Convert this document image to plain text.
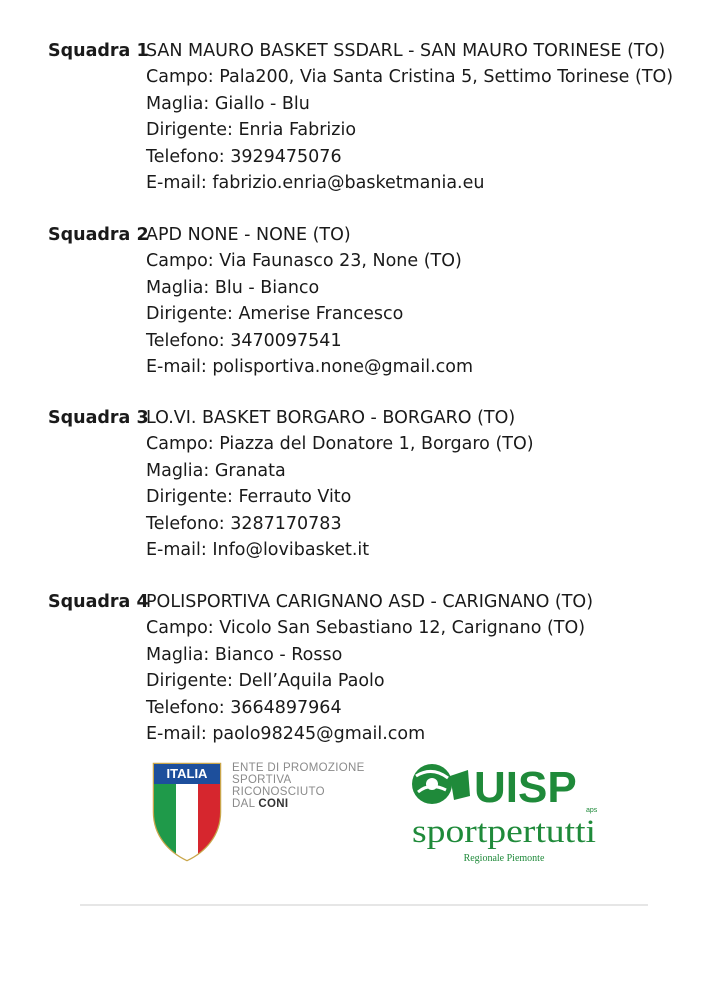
Squadra 1
SAN MAURO BASKET SSDARL - SAN MAURO TORINESE (TO)
Campo: Pala200, Via Santa Cristina 5, Settimo Torinese (TO)
Maglia: Giallo - Blu
Dirigente: Enria Fabrizio
Telefono: 3929475076
E-mail: fabrizio.enria@basketmania.eu
Squadra 2
APD NONE - NONE (TO)
Campo: Via Faunasco 23, None (TO)
Maglia: Blu - Bianco
Dirigente: Amerise Francesco
Telefono: 3470097541
E-mail: polisportiva.none@gmail.com
Squadra 3
LO.VI. BASKET BORGARO - BORGARO (TO)
Campo: Piazza del Donatore 1, Borgaro (TO)
Maglia: Granata
Dirigente: Ferrauto Vito
Telefono: 3287170783
E-mail: Info@lovibasket.it
Squadra 4
POLISPORTIVA CARIGNANO ASD - CARIGNANO (TO)
Campo: Vicolo San Sebastiano 12, Carignano (TO)
Maglia: Bianco - Rosso
Dirigente: Dell’Aquila Paolo
Telefono: 3664897964
E-mail: paolo98245@gmail.com
ITALIA ENTE DI PROMOZIONE
SPORTIVA
RICONOSCIUTO
DAL CONI	UISP aps
sportpertutti
Regionale Piemonte
